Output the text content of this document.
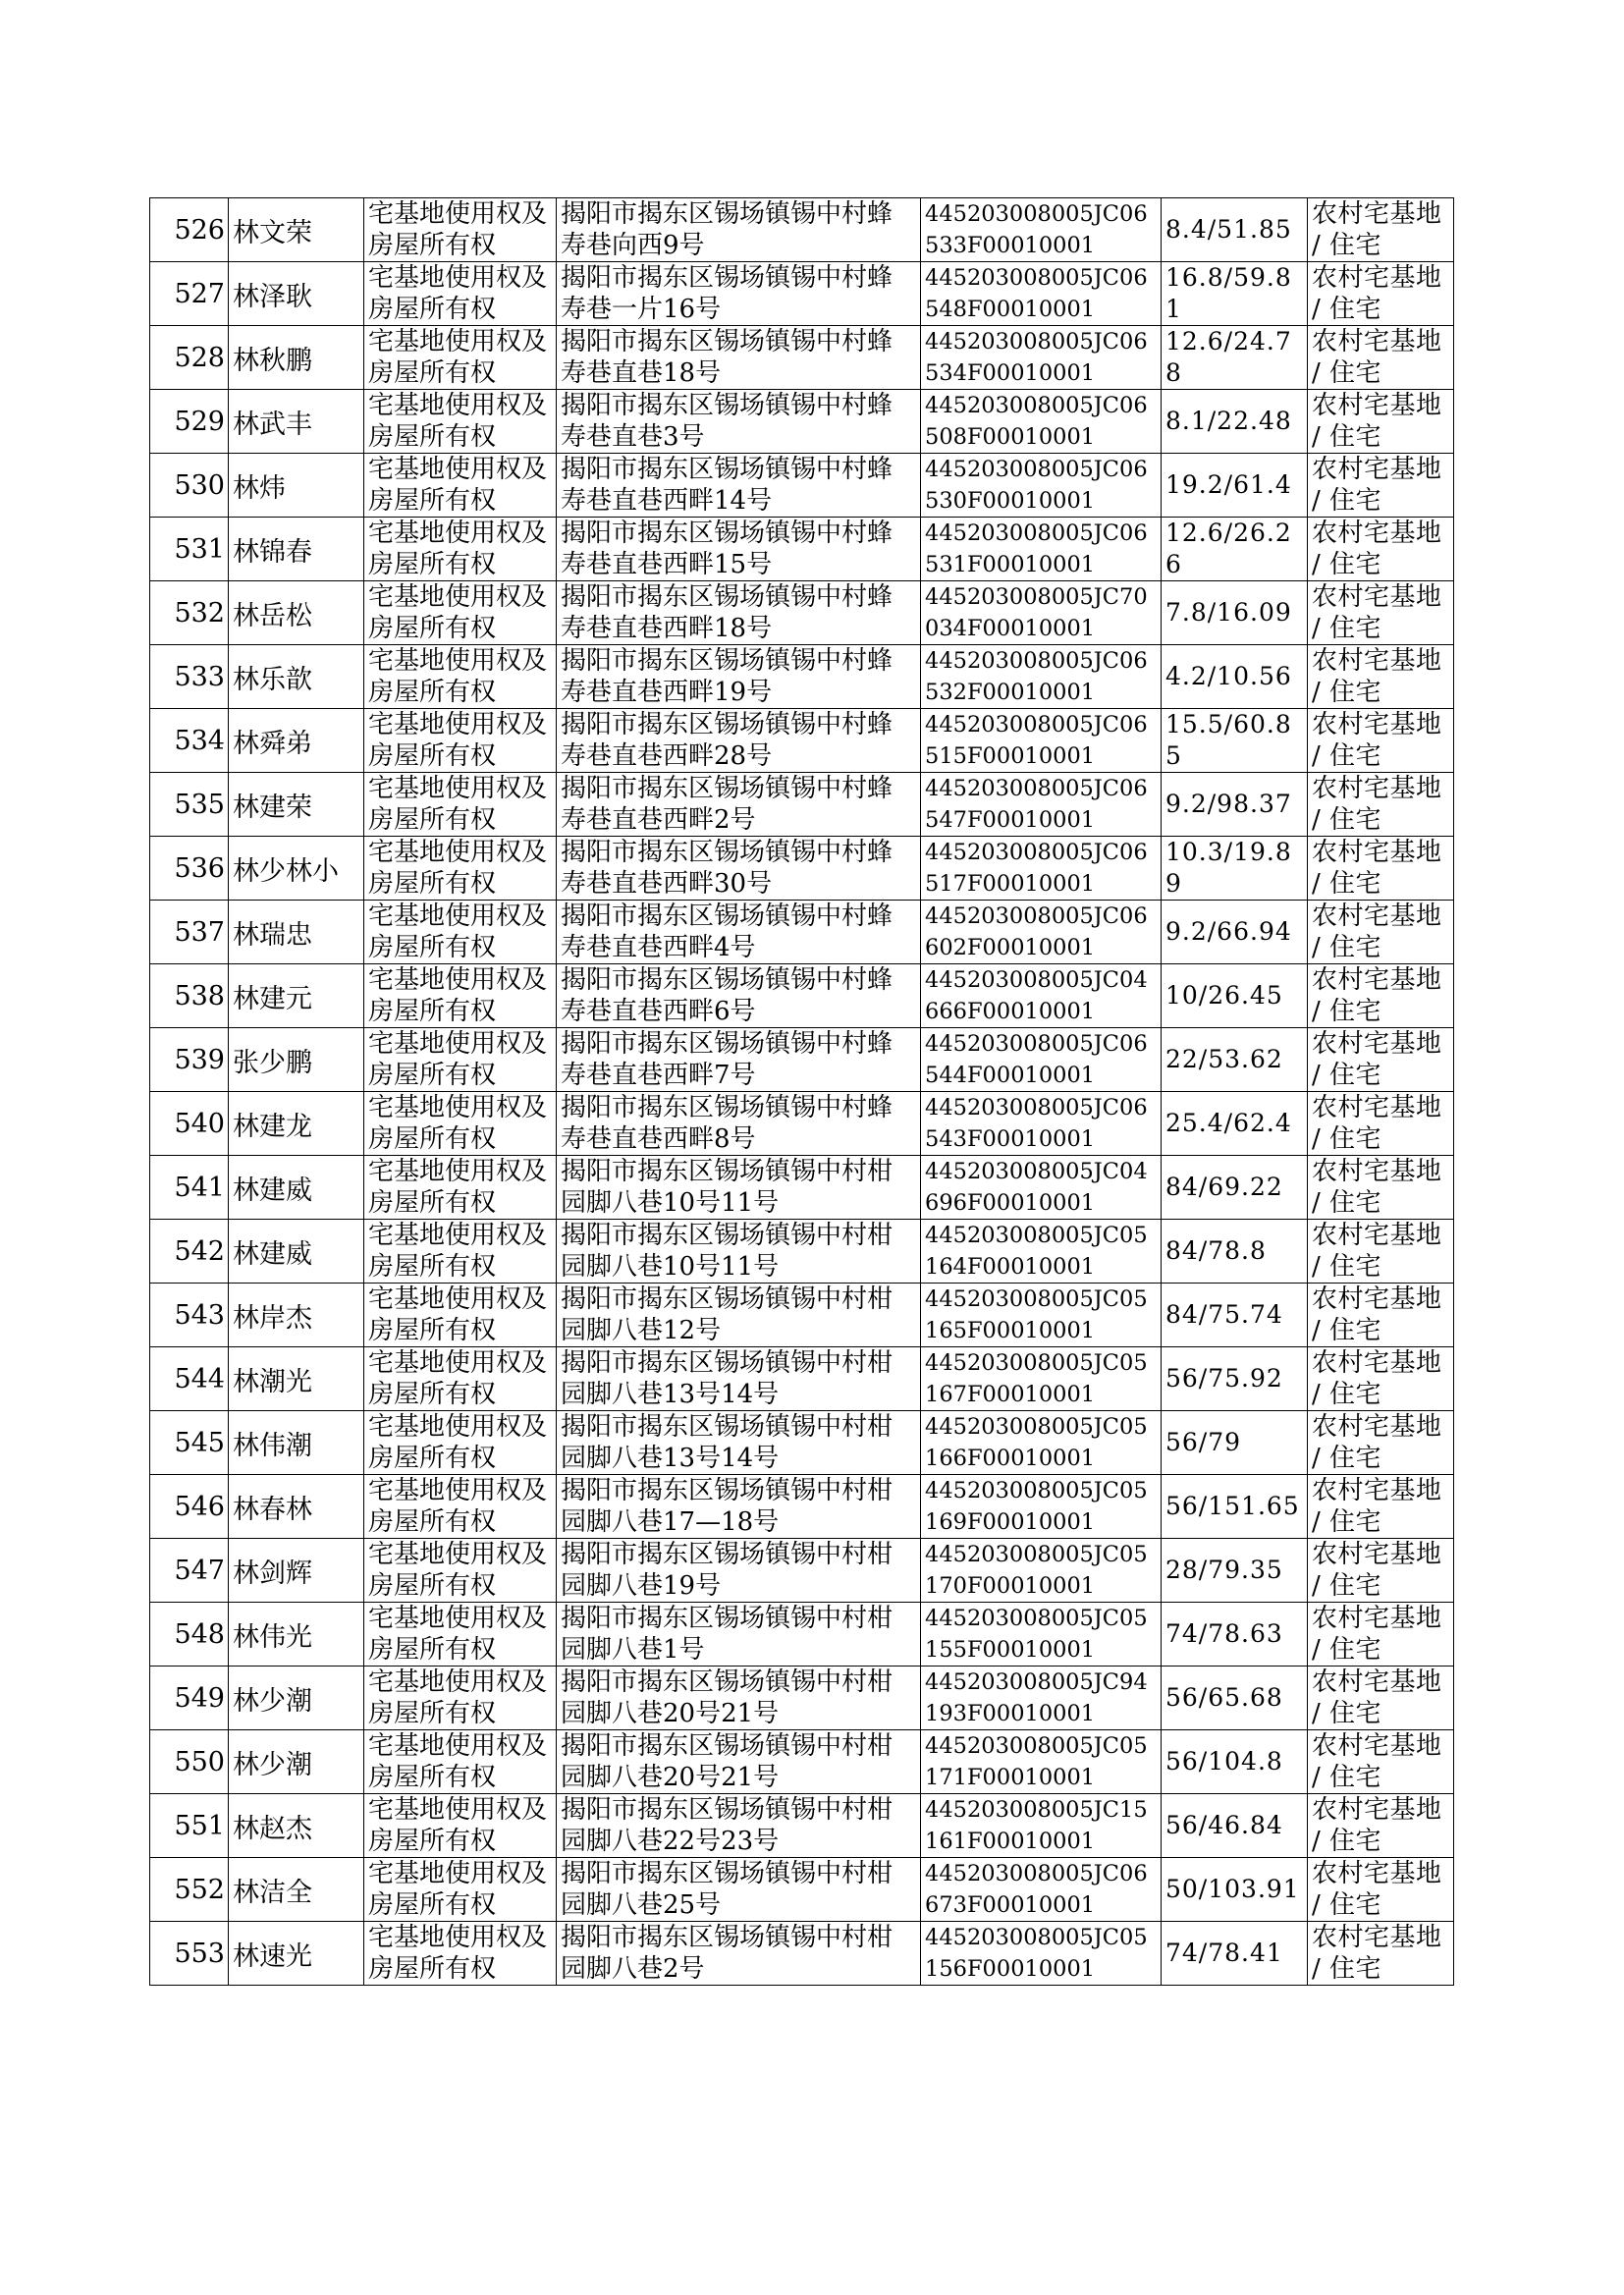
526	林文荣	宅基地使用权及房屋所有权	揭阳市揭东区锡场镇锡中村蜂寿巷向西9号	445203008005JC06533F00010001	8.4/51.85	农村宅基地 / 住宅

527	林泽耿	宅基地使用权及房屋所有权	揭阳市揭东区锡场镇锡中村蜂寿巷一片16号	445203008005JC06548F00010001	16.8/59.81	农村宅基地 / 住宅

528	林秋鹏	宅基地使用权及房屋所有权	揭阳市揭东区锡场镇锡中村蜂寿巷直巷18号	445203008005JC06534F00010001	12.6/24.78	农村宅基地 / 住宅

529	林武丰	宅基地使用权及房屋所有权	揭阳市揭东区锡场镇锡中村蜂寿巷直巷3号	445203008005JC06508F00010001	8.1/22.48	农村宅基地 / 住宅

530	林炜	宅基地使用权及房屋所有权	揭阳市揭东区锡场镇锡中村蜂寿巷直巷西畔14号	445203008005JC06530F00010001	19.2/61.4	农村宅基地 / 住宅

531	林锦春	宅基地使用权及房屋所有权	揭阳市揭东区锡场镇锡中村蜂寿巷直巷西畔15号	445203008005JC06531F00010001	12.6/26.26	农村宅基地 / 住宅

532	林岳松	宅基地使用权及房屋所有权	揭阳市揭东区锡场镇锡中村蜂寿巷直巷西畔18号	445203008005JC70034F00010001	7.8/16.09	农村宅基地 / 住宅

533	林乐歆	宅基地使用权及房屋所有权	揭阳市揭东区锡场镇锡中村蜂寿巷直巷西畔19号	445203008005JC06532F00010001	4.2/10.56	农村宅基地 / 住宅

534	林舜弟	宅基地使用权及房屋所有权	揭阳市揭东区锡场镇锡中村蜂寿巷直巷西畔28号	445203008005JC06515F00010001	15.5/60.85	农村宅基地 / 住宅

535	林建荣	宅基地使用权及房屋所有权	揭阳市揭东区锡场镇锡中村蜂寿巷直巷西畔2号	445203008005JC06547F00010001	9.2/98.37	农村宅基地 / 住宅

536	林少林小	宅基地使用权及房屋所有权	揭阳市揭东区锡场镇锡中村蜂寿巷直巷西畔30号	445203008005JC06517F00010001	10.3/19.89	农村宅基地 / 住宅

537	林瑞忠	宅基地使用权及房屋所有权	揭阳市揭东区锡场镇锡中村蜂寿巷直巷西畔4号	445203008005JC06602F00010001	9.2/66.94	农村宅基地 / 住宅

538	林建元	宅基地使用权及房屋所有权	揭阳市揭东区锡场镇锡中村蜂寿巷直巷西畔6号	445203008005JC04666F00010001	10/26.45	农村宅基地 / 住宅

539	张少鹏	宅基地使用权及房屋所有权	揭阳市揭东区锡场镇锡中村蜂寿巷直巷西畔7号	445203008005JC06544F00010001	22/53.62	农村宅基地 / 住宅

540	林建龙	宅基地使用权及房屋所有权	揭阳市揭东区锡场镇锡中村蜂寿巷直巷西畔8号	445203008005JC06543F00010001	25.4/62.4	农村宅基地 / 住宅

541	林建威	宅基地使用权及房屋所有权	揭阳市揭东区锡场镇锡中村柑园脚八巷10号11号	445203008005JC04696F00010001	84/69.22	农村宅基地 / 住宅

542	林建威	宅基地使用权及房屋所有权	揭阳市揭东区锡场镇锡中村柑园脚八巷10号11号	445203008005JC05164F00010001	84/78.8	农村宅基地 / 住宅

543	林岸杰	宅基地使用权及房屋所有权	揭阳市揭东区锡场镇锡中村柑园脚八巷12号	445203008005JC05165F00010001	84/75.74	农村宅基地 / 住宅

544	林潮光	宅基地使用权及房屋所有权	揭阳市揭东区锡场镇锡中村柑园脚八巷13号14号	445203008005JC05167F00010001	56/75.92	农村宅基地 / 住宅

545	林伟潮	宅基地使用权及房屋所有权	揭阳市揭东区锡场镇锡中村柑园脚八巷13号14号	445203008005JC05166F00010001	56/79	农村宅基地 / 住宅

546	林春林	宅基地使用权及房屋所有权	揭阳市揭东区锡场镇锡中村柑园脚八巷17—18号	445203008005JC05169F00010001	56/151.65	农村宅基地 / 住宅

547	林剑辉	宅基地使用权及房屋所有权	揭阳市揭东区锡场镇锡中村柑园脚八巷19号	445203008005JC05170F00010001	28/79.35	农村宅基地 / 住宅

548	林伟光	宅基地使用权及房屋所有权	揭阳市揭东区锡场镇锡中村柑园脚八巷1号	445203008005JC05155F00010001	74/78.63	农村宅基地 / 住宅

549	林少潮	宅基地使用权及房屋所有权	揭阳市揭东区锡场镇锡中村柑园脚八巷20号21号	445203008005JC94193F00010001	56/65.68	农村宅基地 / 住宅

550	林少潮	宅基地使用权及房屋所有权	揭阳市揭东区锡场镇锡中村柑园脚八巷20号21号	445203008005JC05171F00010001	56/104.8	农村宅基地 / 住宅

551	林赵杰	宅基地使用权及房屋所有权	揭阳市揭东区锡场镇锡中村柑园脚八巷22号23号	445203008005JC15161F00010001	56/46.84	农村宅基地 / 住宅

552	林洁全	宅基地使用权及房屋所有权	揭阳市揭东区锡场镇锡中村柑园脚八巷25号	445203008005JC06673F00010001	50/103.91	农村宅基地 / 住宅

553	林速光	宅基地使用权及房屋所有权	揭阳市揭东区锡场镇锡中村柑园脚八巷2号	445203008005JC05156F00010001	74/78.41	农村宅基地 / 住宅
